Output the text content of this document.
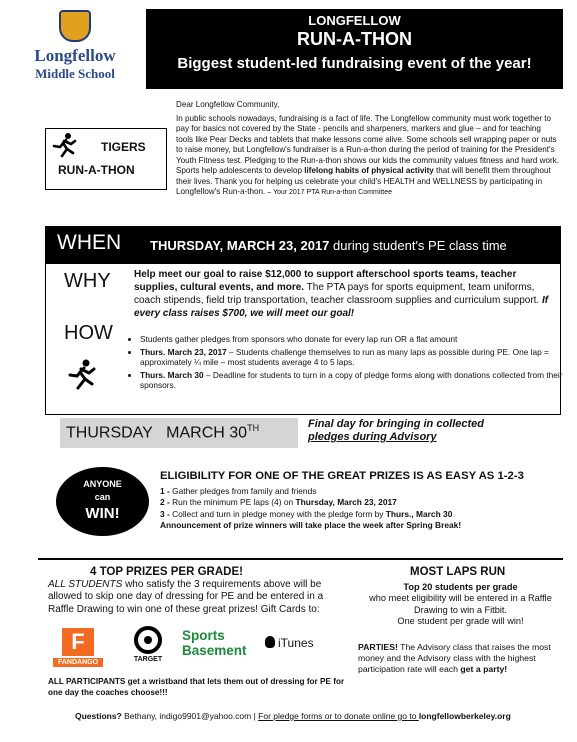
Longfellow
Middle School
LONGFELLOW
RUN-A-THON
Biggest student-led fundraising event of the year!
TIGERS
RUN-A-THON

Dear Longfellow Community,

In public schools nowadays, fundraising is a fact of life. The Longfellow community must work together to pay for basics not covered by the State - pencils and sharpeners, markers and glue – and for teaching tools like Pear Decks and tablets that make lessons come alive. Some schools sell wrapping paper or nuts to raise money, but Longfellow's fundraiser is a Run-a-thon during the period of training for the President's Youth Fitness test. Pledging to the Run-a-thon shows our kids the community values fitness and hard work. Sports help adolescents to develop lifelong habits of physical activity that will benefit them throughout their lives. Thank you for helping us celebrate your child's HEALTH and WELLNESS by participating in Longfellow's Run-a-thon. – Your 2017 PTA Run-a-thon Committee

WHEN THURSDAY, MARCH 23, 2017 during student's PE class time
WHY Help meet our goal to raise $12,000 to support afterschool sports teams, teacher supplies, cultural events, and more. The PTA pays for sports equipment, team uniforms, coach stipends, field trip transportation, teacher classroom supplies and curriculum support. If every class raises $700, we will meet our goal!
HOW
•	Students gather pledges from sponsors who donate for every lap run OR a flat amount
• Thurs. March 23, 2017 – Students challenge themselves to run as many laps as possible during PE. One lap = approximately ¼ mile – most students average 4 to 5 laps.
• Thurs. March 30 – Deadline for students to turn in a copy of pledge forms along with donations collected from their sponsors.
THURSDAY MARCH 30TH	Final day for bringing in collected
pledges during Advisory
ANYONE
can
WIN!
ELIGIBILITY FOR ONE OF THE GREAT PRIZES IS AS EASY AS 1-2-3
1 - Gather pledges from family and friends
2 - Run the minimum PE laps (4) on Thursday, March 23, 2017
3 - Collect and turn in pledge money with the pledge form by Thurs., March 30
Announcement of prize winners will take place the week after Spring Break!
4 TOP PRIZES PER GRADE!
ALL STUDENTS who satisfy the 3 requirements above will be allowed to skip one day of dressing for PE and be entered in a Raffle Drawing to win one of these great prizes! Gift Cards to:
F
FANDANGO	TARGET
Sports
Basement	iTunes
ALL PARTICIPANTS get a wristband that lets them out of dressing for PE for one day the coaches choose!!!
MOST LAPS RUN
Top 20 students per grade
who meet eligibility will be entered in a Raffle Drawing to win a Fitbit.
One student per grade will win!
PARTIES! The Advisory class that raises the most money and the Advisory class with the highest participation rate will each get a party!
Questions? Bethany, indigo9901@yahoo.com | For pledge forms or to donate online go to longfellowberkeley.org
